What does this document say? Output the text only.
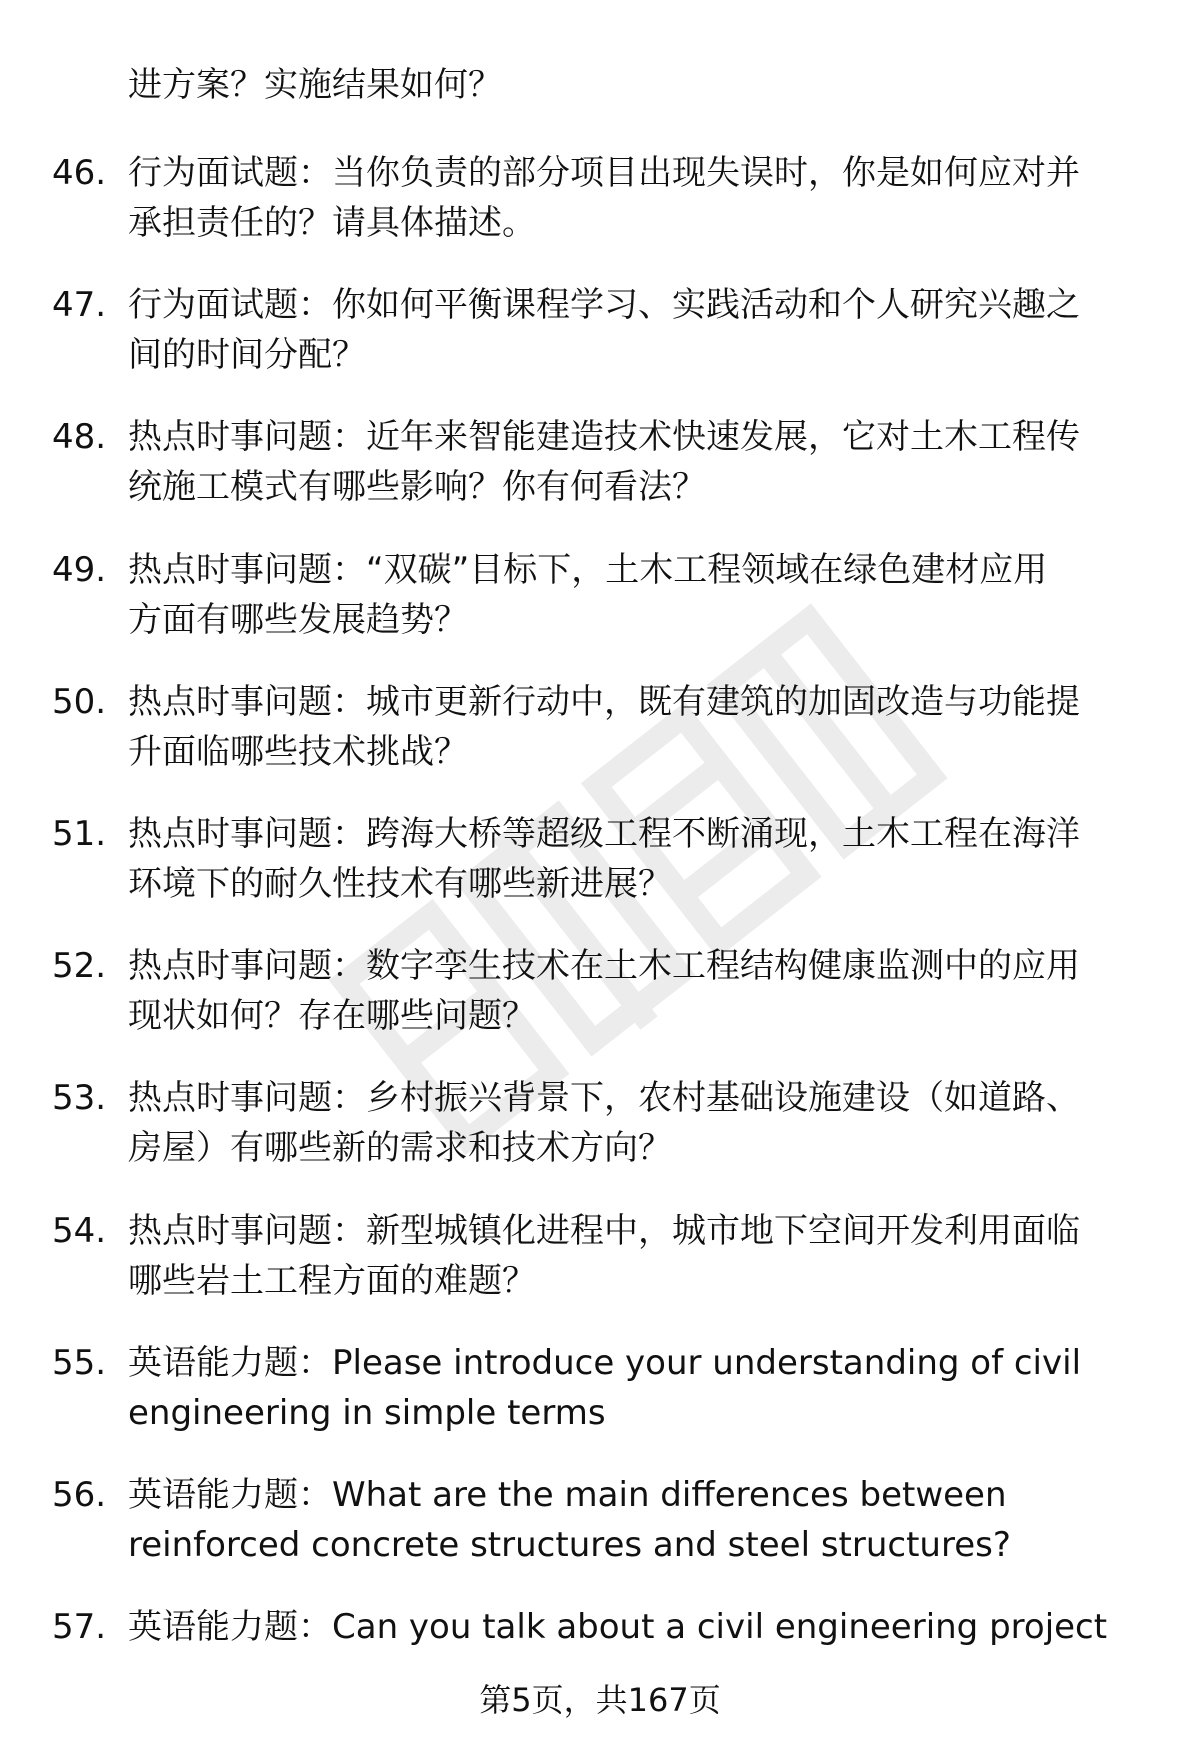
进方案？实施结果如何？
46. 行为面试题：当你负责的部分项目出现失误时，你是如何应对并
承担责任的？请具体描述。
47. 行为面试题：你如何平衡课程学习、实践活动和个人研究兴趣之
间的时间分配？
48. 热点时事问题：近年来智能建造技术快速发展，它对土木工程传
统施工模式有哪些影响？你有何看法？
49. 热点时事问题：“双碳”目标下，土木工程领域在绿色建材应用
方面有哪些发展趋势？
50. 热点时事问题：城市更新行动中，既有建筑的加固改造与功能提
升面临哪些技术挑战？
51. 热点时事问题：跨海大桥等超级工程不断涌现，土木工程在海洋
环境下的耐久性技术有哪些新进展？
52. 热点时事问题：数字孪生技术在土木工程结构健康监测中的应用
现状如何？存在哪些问题？
53. 热点时事问题：乡村振兴背景下，农村基础设施建设（如道路、
房屋）有哪些新的需求和技术方向？
54. 热点时事问题：新型城镇化进程中，城市地下空间开发利用面临
哪些岩土工程方面的难题？
55. 英语能力题：Please introduce your understanding of civil
engineering in simple terms
56. 英语能力题：What are the main differences between
reinforced concrete structures and steel structures?
57. 英语能力题：Can you talk about a civil engineering project
第5页，共167页
